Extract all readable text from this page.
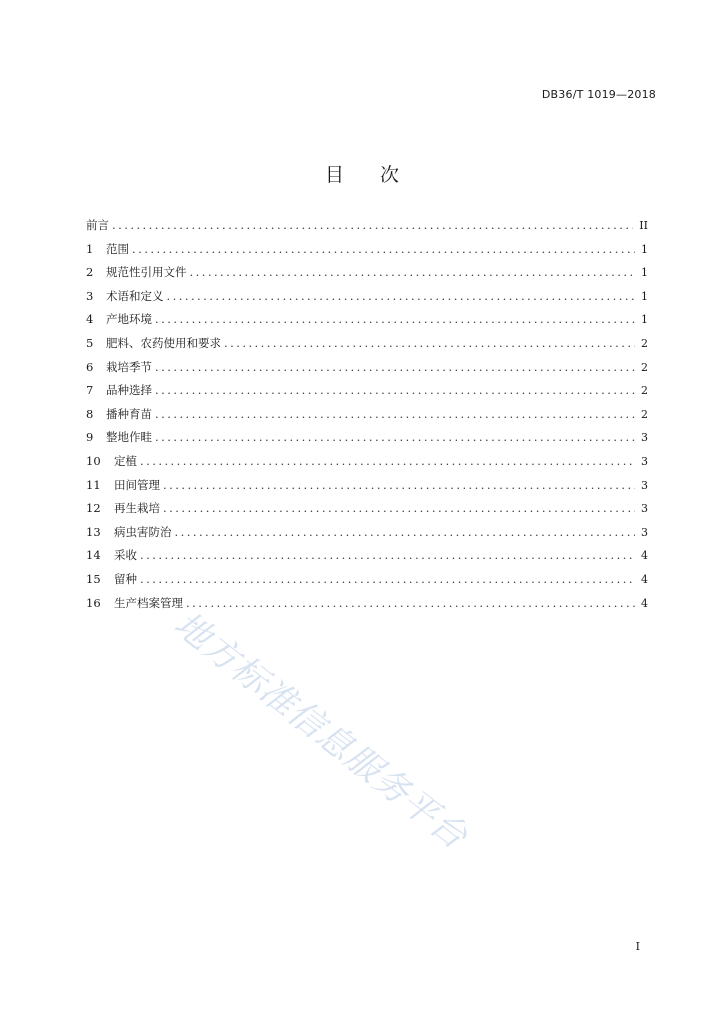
DB36/T 1019—2018
目 次
前言 . . .	II
1	范围 . . .	1
2	规范性引用文件 . . .	1
3	术语和定义 . . .	1
4	产地环境 . . .	1
5	肥料、农药使用和要求 . . .	2
6	栽培季节 . . .	2
7	品种选择 . . .	2
8	播种育苗 . . .	2
9	整地作畦 . . .	3
10	定植 . . .	3
11	田间管理 . . .	3
12	再生栽培 . . .	3
13	病虫害防治 . . .	3
14	采收 . . .	4
15	留种 . . .	4
16	生产档案管理 . . .	4
地方标准信息服务平台
I
